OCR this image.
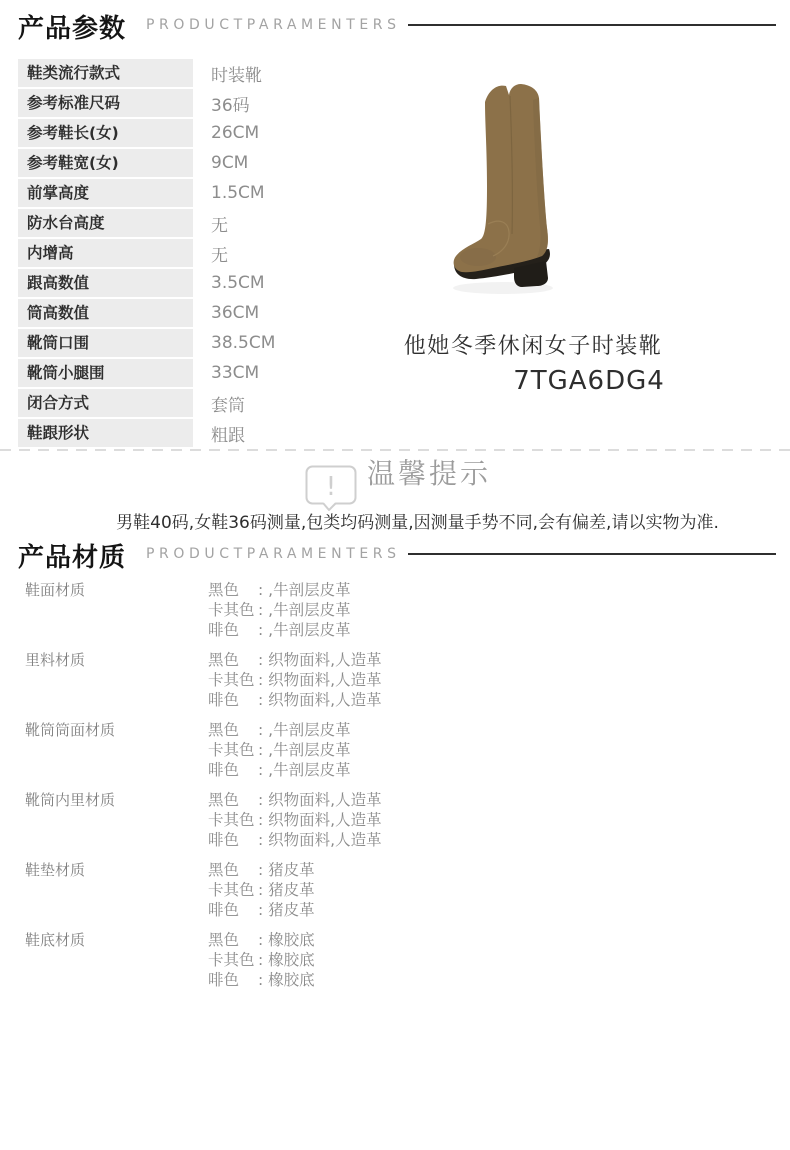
产品参数 PRODUCTPARAMENTERS
鞋类流行款式	时装靴
参考标准尺码	36码
参考鞋长(女)	26CM
参考鞋宽(女)	9CM
前掌高度	1.5CM
防水台高度	无
内增高	无
跟高数值	3.5CM
筒高数值	36CM
靴筒口围	38.5CM
靴筒小腿围	33CM
闭合方式	套筒
鞋跟形状	粗跟
他她冬季休闲女子时装靴
7TGA6DG4
! 温馨提示
男鞋40码,女鞋36码测量,包类均码测量,因测量手势不同,会有偏差,请以实物为准.
产品材质 PRODUCTPARAMENTERS
鞋面材质	黑色 : ,牛剖层皮革
卡其色 : ,牛剖层皮革
啡色 : ,牛剖层皮革
里料材质	黑色 : 织物面料,人造革
卡其色 : 织物面料,人造革
啡色 : 织物面料,人造革
靴筒筒面材质	黑色 : ,牛剖层皮革
卡其色 : ,牛剖层皮革
啡色 : ,牛剖层皮革
靴筒内里材质	黑色 : 织物面料,人造革
卡其色 : 织物面料,人造革
啡色 : 织物面料,人造革
鞋垫材质	黑色 : 猪皮革
卡其色 : 猪皮革
啡色 : 猪皮革
鞋底材质	黑色 : 橡胶底
卡其色 : 橡胶底
啡色 : 橡胶底
